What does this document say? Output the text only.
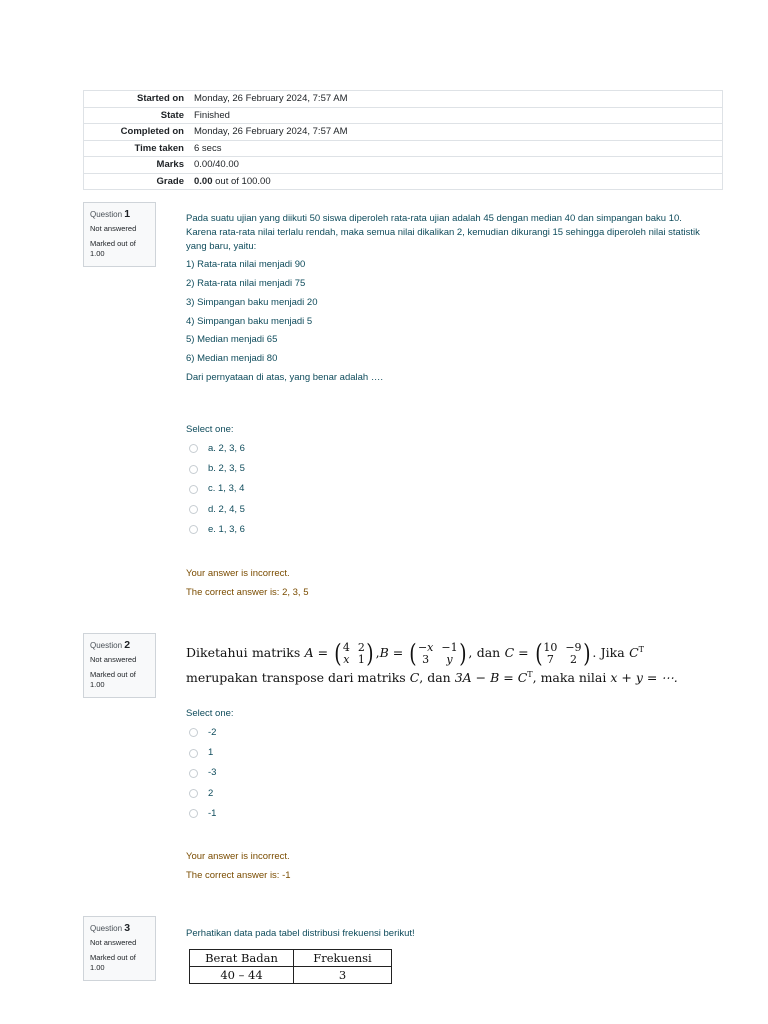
Started on	Monday, 26 February 2024, 7:57 AM
State	Finished
Completed on	Monday, 26 February 2024, 7:57 AM
Time taken	6 secs
Marks	0.00/40.00
Grade	0.00 out of 100.00
Question 1
Not answered
Marked out of 1.00

Pada suatu ujian yang diikuti 50 siswa diperoleh rata-rata ujian adalah 45 dengan median 40 dan simpangan baku 10. Karena rata-rata nilai terlalu rendah, maka semua nilai dikalikan 2, kemudian dikurangi 15 sehingga diperoleh nilai statistik yang baru, yaitu:

1) Rata-rata nilai menjadi 90

2) Rata-rata nilai menjadi 75

3) Simpangan baku menjadi 20

4) Simpangan baku menjadi 5

5) Median menjadi 65

6) Median menjadi 80

Dari pernyataan di atas, yang benar adalah ….

Select one:

a. 2, 3, 6
b. 2, 3, 5
c. 1, 3, 4
d. 2, 4, 5
e. 1, 3, 6

Your answer is incorrect.

The correct answer is: 2, 3, 5

Question 2
Not answered
Marked out of 1.00
Diketahui matriks A = ( 4 2
x 1 ) ,B = ( −x −1
3	y ) , dan C = ( 10 −9
7	2 ) . Jika $C^T$
merupakan transpose dari matriks C, dan $3A - B = C^T$, maka nilai x + y = ⋯.

Select one:

-2
1
-3
2
-1

Your answer is incorrect.

The correct answer is: -1

Question 3
Not answered
Marked out of 1.00

Perhatikan data pada tabel distribusi frekuensi berikut!

Berat Badan	Frekuensi
40 – 44	3
